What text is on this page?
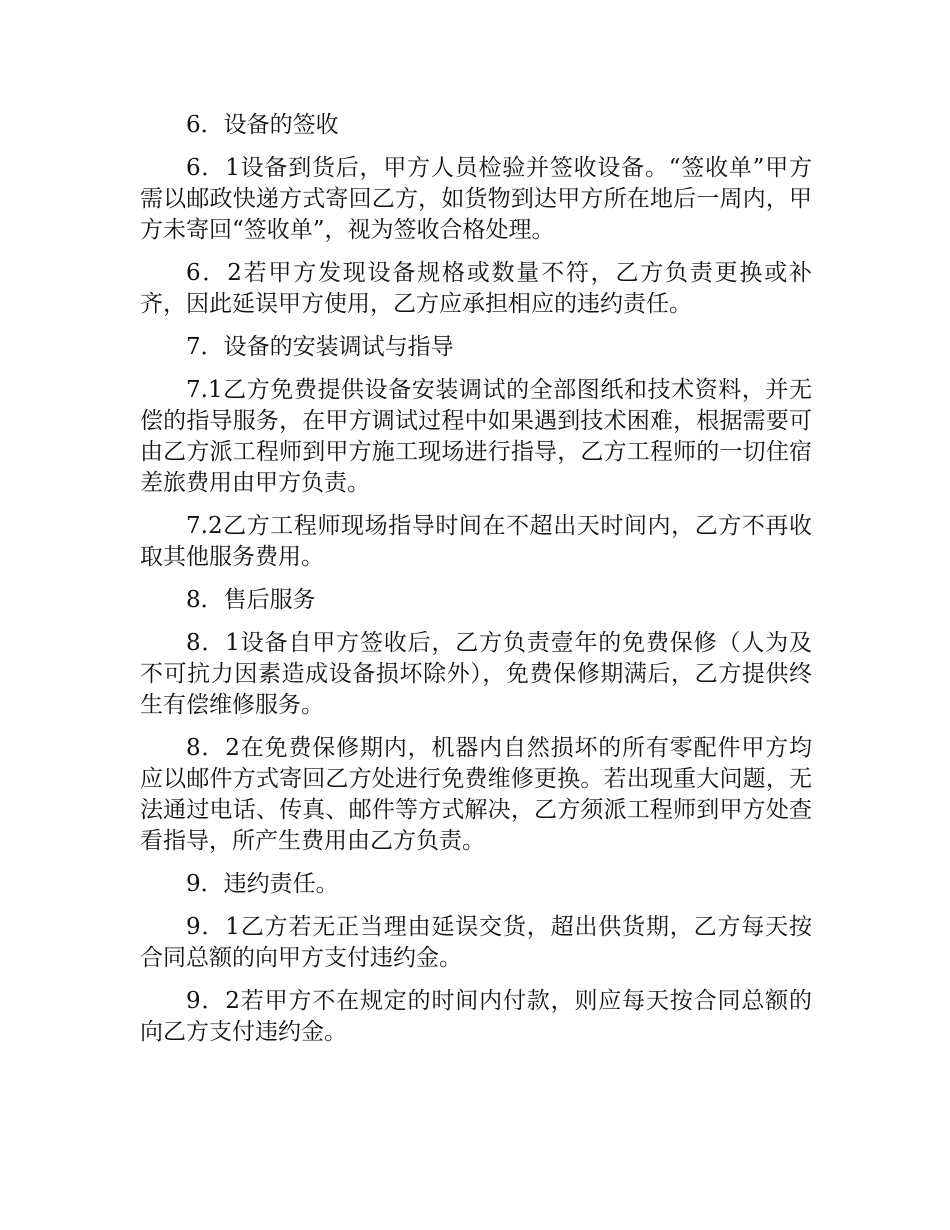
6．设备的签收

6．1设备到货后，甲方人员检验并签收设备。“签收单”甲方需以邮政快递方式寄回乙方，如货物到达甲方所在地后一周内，甲方未寄回“签收单”，视为签收合格处理。

6．2若甲方发现设备规格或数量不符，乙方负责更换或补齐，因此延误甲方使用，乙方应承担相应的违约责任。

7．设备的安装调试与指导

7.1乙方免费提供设备安装调试的全部图纸和技术资料，并无偿的指导服务，在甲方调试过程中如果遇到技术困难，根据需要可由乙方派工程师到甲方施工现场进行指导，乙方工程师的一切住宿差旅费用由甲方负责。

7.2乙方工程师现场指导时间在不超出天时间内，乙方不再收取其他服务费用。

8．售后服务

8．1设备自甲方签收后，乙方负责壹年的免费保修（人为及不可抗力因素造成设备损坏除外），免费保修期满后，乙方提供终生有偿维修服务。

8．2在免费保修期内，机器内自然损坏的所有零配件甲方均应以邮件方式寄回乙方处进行免费维修更换。若出现重大问题，无法通过电话、传真、邮件等方式解决，乙方须派工程师到甲方处查看指导，所产生费用由乙方负责。

9．违约责任。

9．1乙方若无正当理由延误交货，超出供货期，乙方每天按合同总额的向甲方支付违约金。

9．2若甲方不在规定的时间内付款，则应每天按合同总额的向乙方支付违约金。
